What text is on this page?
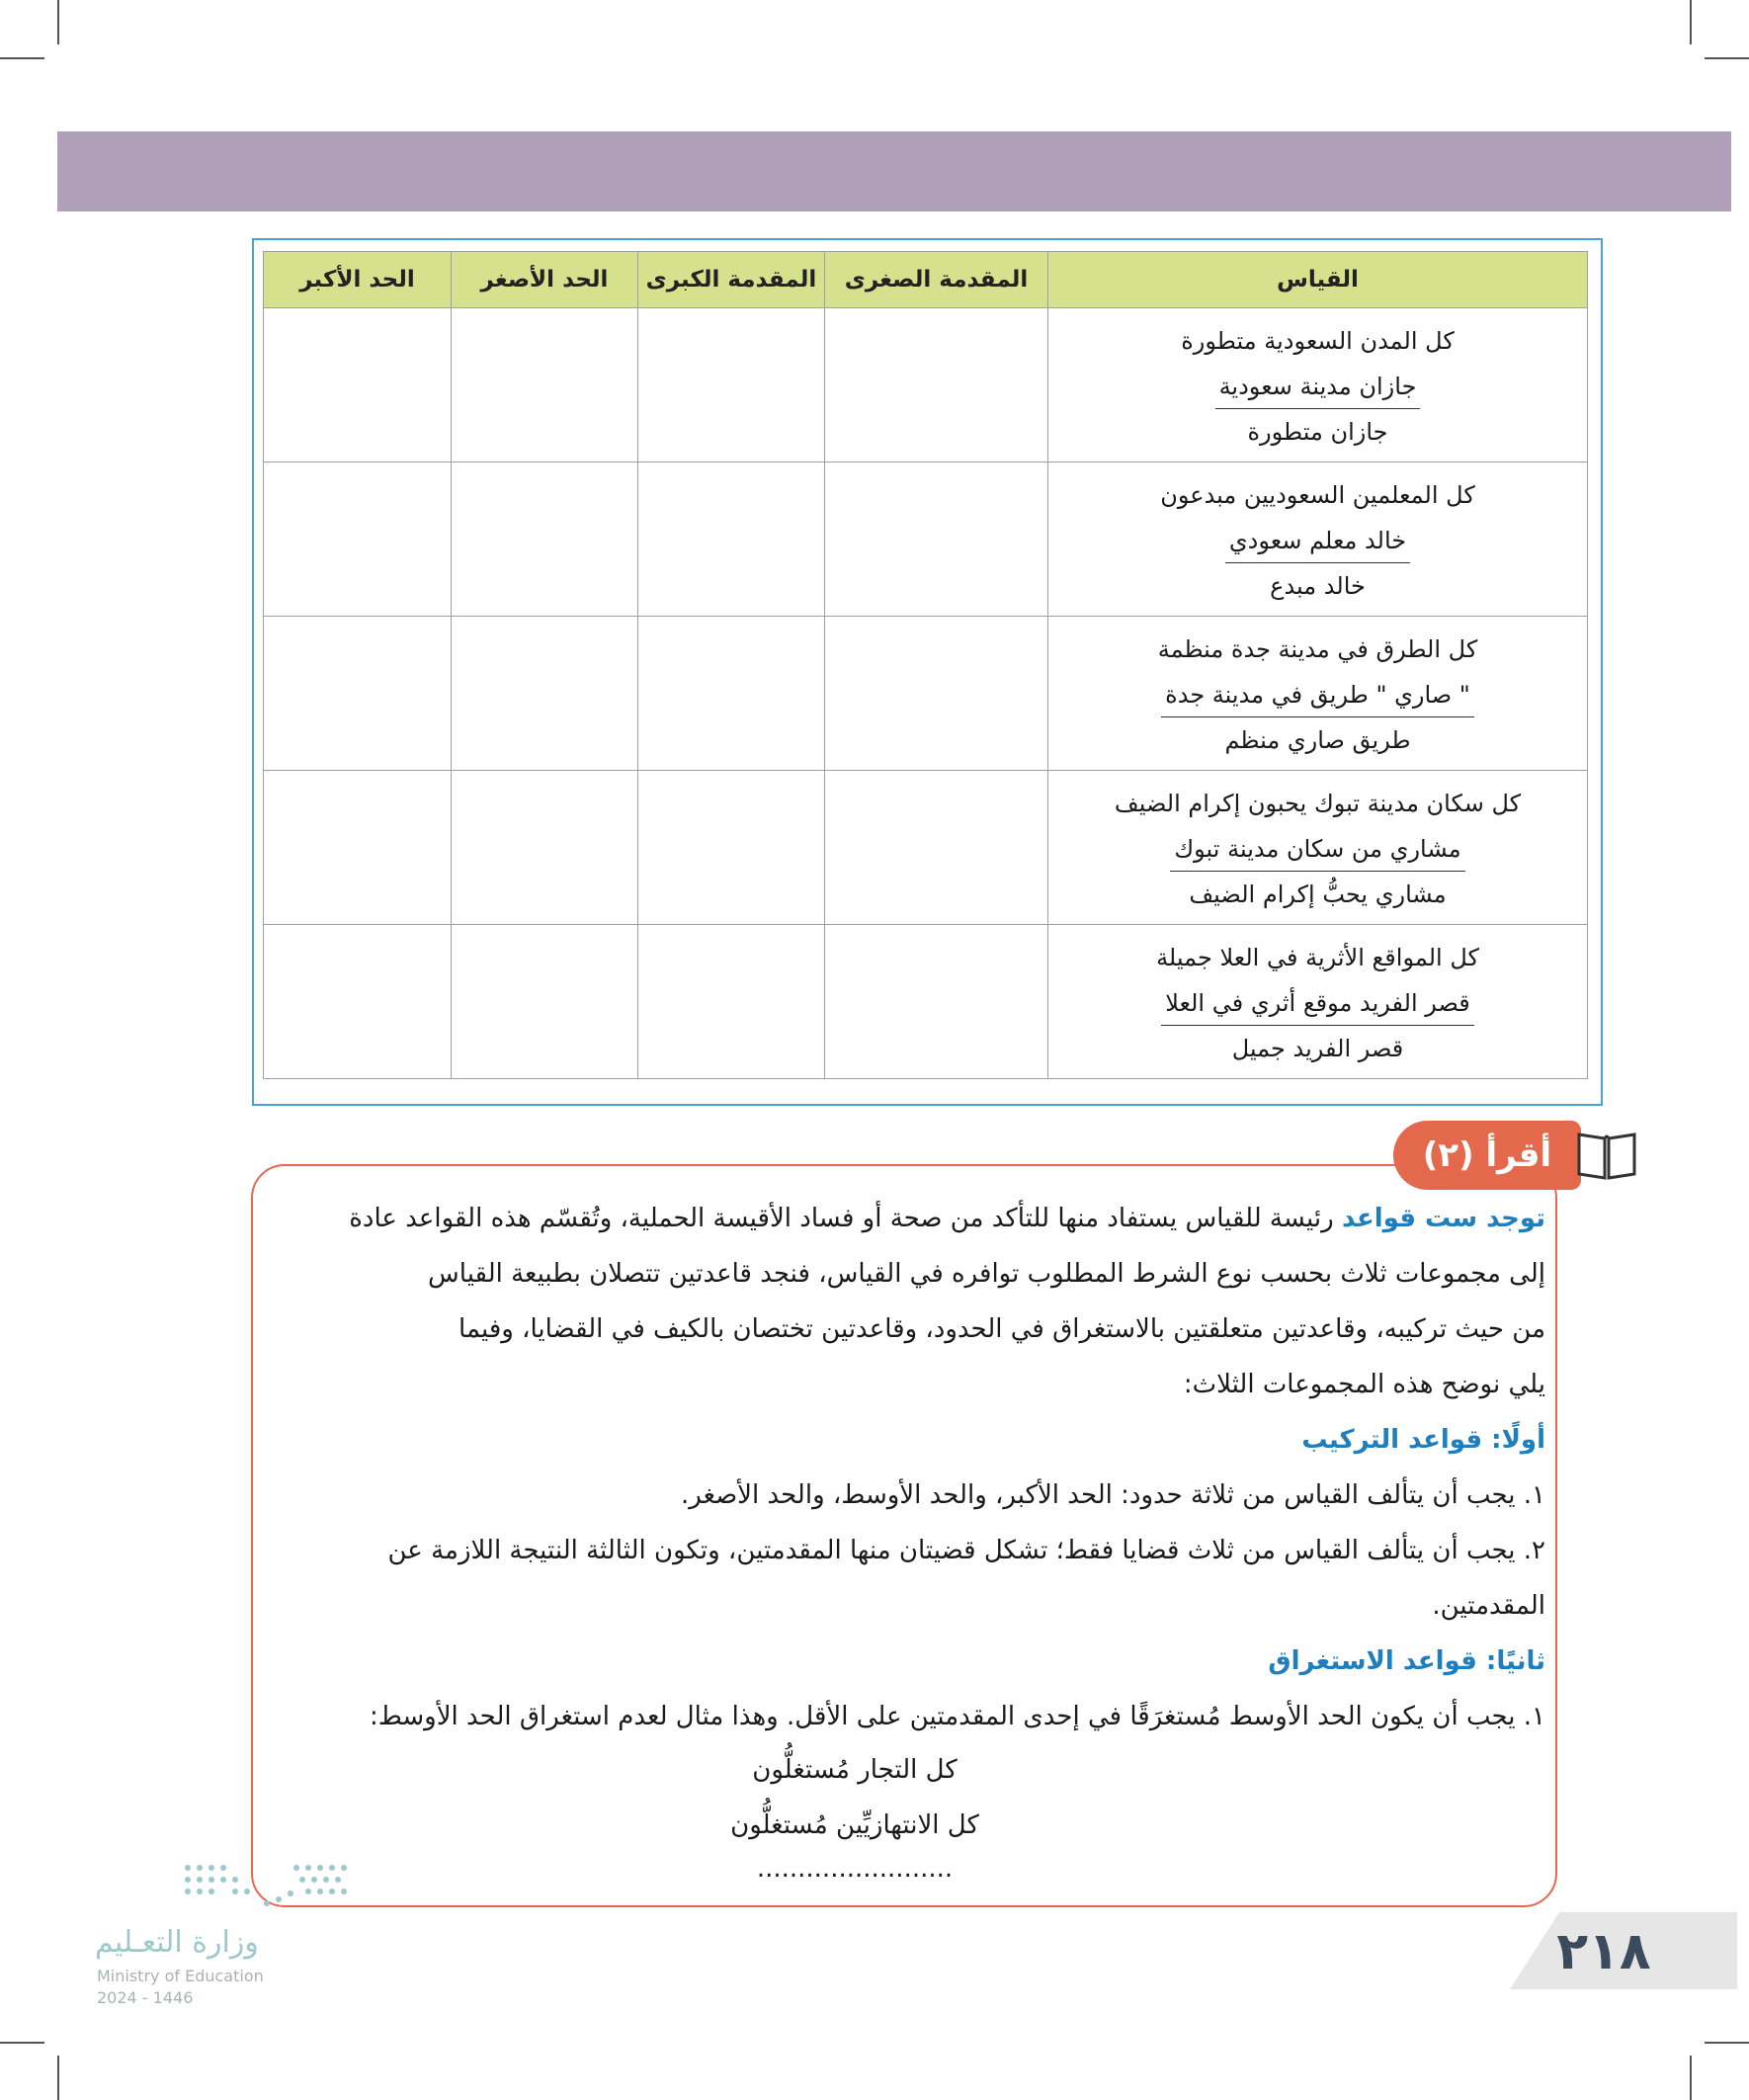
القياس	المقدمة الصغرى	المقدمة الكبرى	الحد الأصغر	الحد الأكبر

كل المدن السعودية متطورة
جازان مدينة سعودية
جازان متطورة				

كل المعلمين السعوديين مبدعون
خالد معلم سعودي
خالد مبدع				

كل الطرق في مدينة جدة منظمة
" صاري " طريق في مدينة جدة
طريق صاري منظم				

كل سكان مدينة تبوك يحبون إكرام الضيف
مشاري من سكان مدينة تبوك
مشاري يحبُّ إكرام الضيف				

كل المواقع الأثرية في العلا جميلة
قصر الفريد موقع أثري في العلا
قصر الفريد جميل				

أقرأ (٢)
توجد ست قواعد رئيسة للقياس يستفاد منها للتأكد من صحة أو فساد الأقيسة الحملية، وتُقسّم هذه القواعد عادة
إلى مجموعات ثلاث بحسب نوع الشرط المطلوب توافره في القياس، فنجد قاعدتين تتصلان بطبيعة القياس
من حيث تركيبه، وقاعدتين متعلقتين بالاستغراق في الحدود، وقاعدتين تختصان بالكيف في القضايا، وفيما
يلي نوضح هذه المجموعات الثلاث:
أولًا: قواعد التركيب
١. يجب أن يتألف القياس من ثلاثة حدود: الحد الأكبر، والحد الأوسط، والحد الأصغر.
٢. يجب أن يتألف القياس من ثلاث قضايا فقط؛ تشكل قضيتان منها المقدمتين، وتكون الثالثة النتيجة اللازمة عن
المقدمتين.
ثانيًا: قواعد الاستغراق
١. يجب أن يكون الحد الأوسط مُستغرَقًا في إحدى المقدمتين على الأقل. وهذا مثال لعدم استغراق الحد الأوسط:
كل التجار مُستغلُّون
كل الانتهازيِّين مُستغلُّون
........................
وزارة التعـليم
Ministry of Education
2024 - 1446
٢١٨
